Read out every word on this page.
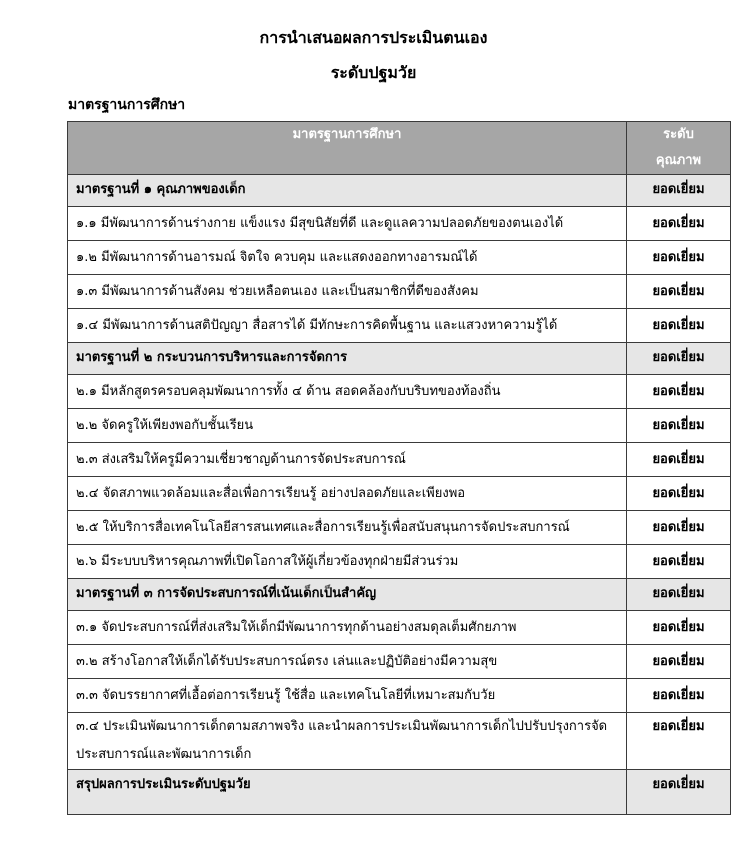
การนำเสนอผลการประเมินตนเอง
ระดับปฐมวัย
มาตรฐานการศึกษา
มาตรฐานการศึกษา	ระดับ
คุณภาพ

มาตรฐานที่ ๑ คุณภาพของเด็ก	ยอดเยี่ยม
๑.๑ มีพัฒนาการด้านร่างกาย แข็งแรง มีสุขนิสัยที่ดี และดูแลความปลอดภัยของตนเองได้	ยอดเยี่ยม
๑.๒ มีพัฒนาการด้านอารมณ์ จิตใจ ควบคุม และแสดงออกทางอารมณ์ได้	ยอดเยี่ยม
๑.๓ มีพัฒนาการด้านสังคม ช่วยเหลือตนเอง และเป็นสมาชิกที่ดีของสังคม	ยอดเยี่ยม
๑.๔ มีพัฒนาการด้านสติปัญญา สื่อสารได้ มีทักษะการคิดพื้นฐาน และแสวงหาความรู้ได้	ยอดเยี่ยม
มาตรฐานที่ ๒ กระบวนการบริหารและการจัดการ	ยอดเยี่ยม
๒.๑ มีหลักสูตรครอบคลุมพัฒนาการทั้ง ๔ ด้าน สอดคล้องกับบริบทของท้องถิ่น	ยอดเยี่ยม
๒.๒ จัดครูให้เพียงพอกับชั้นเรียน	ยอดเยี่ยม
๒.๓ ส่งเสริมให้ครูมีความเชี่ยวชาญด้านการจัดประสบการณ์	ยอดเยี่ยม
๒.๔ จัดสภาพแวดล้อมและสื่อเพื่อการเรียนรู้ อย่างปลอดภัยและเพียงพอ	ยอดเยี่ยม
๒.๕ ให้บริการสื่อเทคโนโลยีสารสนเทศและสื่อการเรียนรู้เพื่อสนับสนุนการจัดประสบการณ์	ยอดเยี่ยม
๒.๖ มีระบบบริหารคุณภาพที่เปิดโอกาสให้ผู้เกี่ยวข้องทุกฝ่ายมีส่วนร่วม	ยอดเยี่ยม
มาตรฐานที่ ๓ การจัดประสบการณ์ที่เน้นเด็กเป็นสำคัญ	ยอดเยี่ยม
๓.๑ จัดประสบการณ์ที่ส่งเสริมให้เด็กมีพัฒนาการทุกด้านอย่างสมดุลเต็มศักยภาพ	ยอดเยี่ยม
๓.๒ สร้างโอกาสให้เด็กได้รับประสบการณ์ตรง เล่นและปฏิบัติอย่างมีความสุข	ยอดเยี่ยม
๓.๓ จัดบรรยากาศที่เอื้อต่อการเรียนรู้ ใช้สื่อ และเทคโนโลยีที่เหมาะสมกับวัย	ยอดเยี่ยม
๓.๔ ประเมินพัฒนาการเด็กตามสภาพจริง และนำผลการประเมินพัฒนาการเด็กไปปรับปรุงการจัดประสบการณ์และพัฒนาการเด็ก	ยอดเยี่ยม
สรุปผลการประเมินระดับปฐมวัย	ยอดเยี่ยม
